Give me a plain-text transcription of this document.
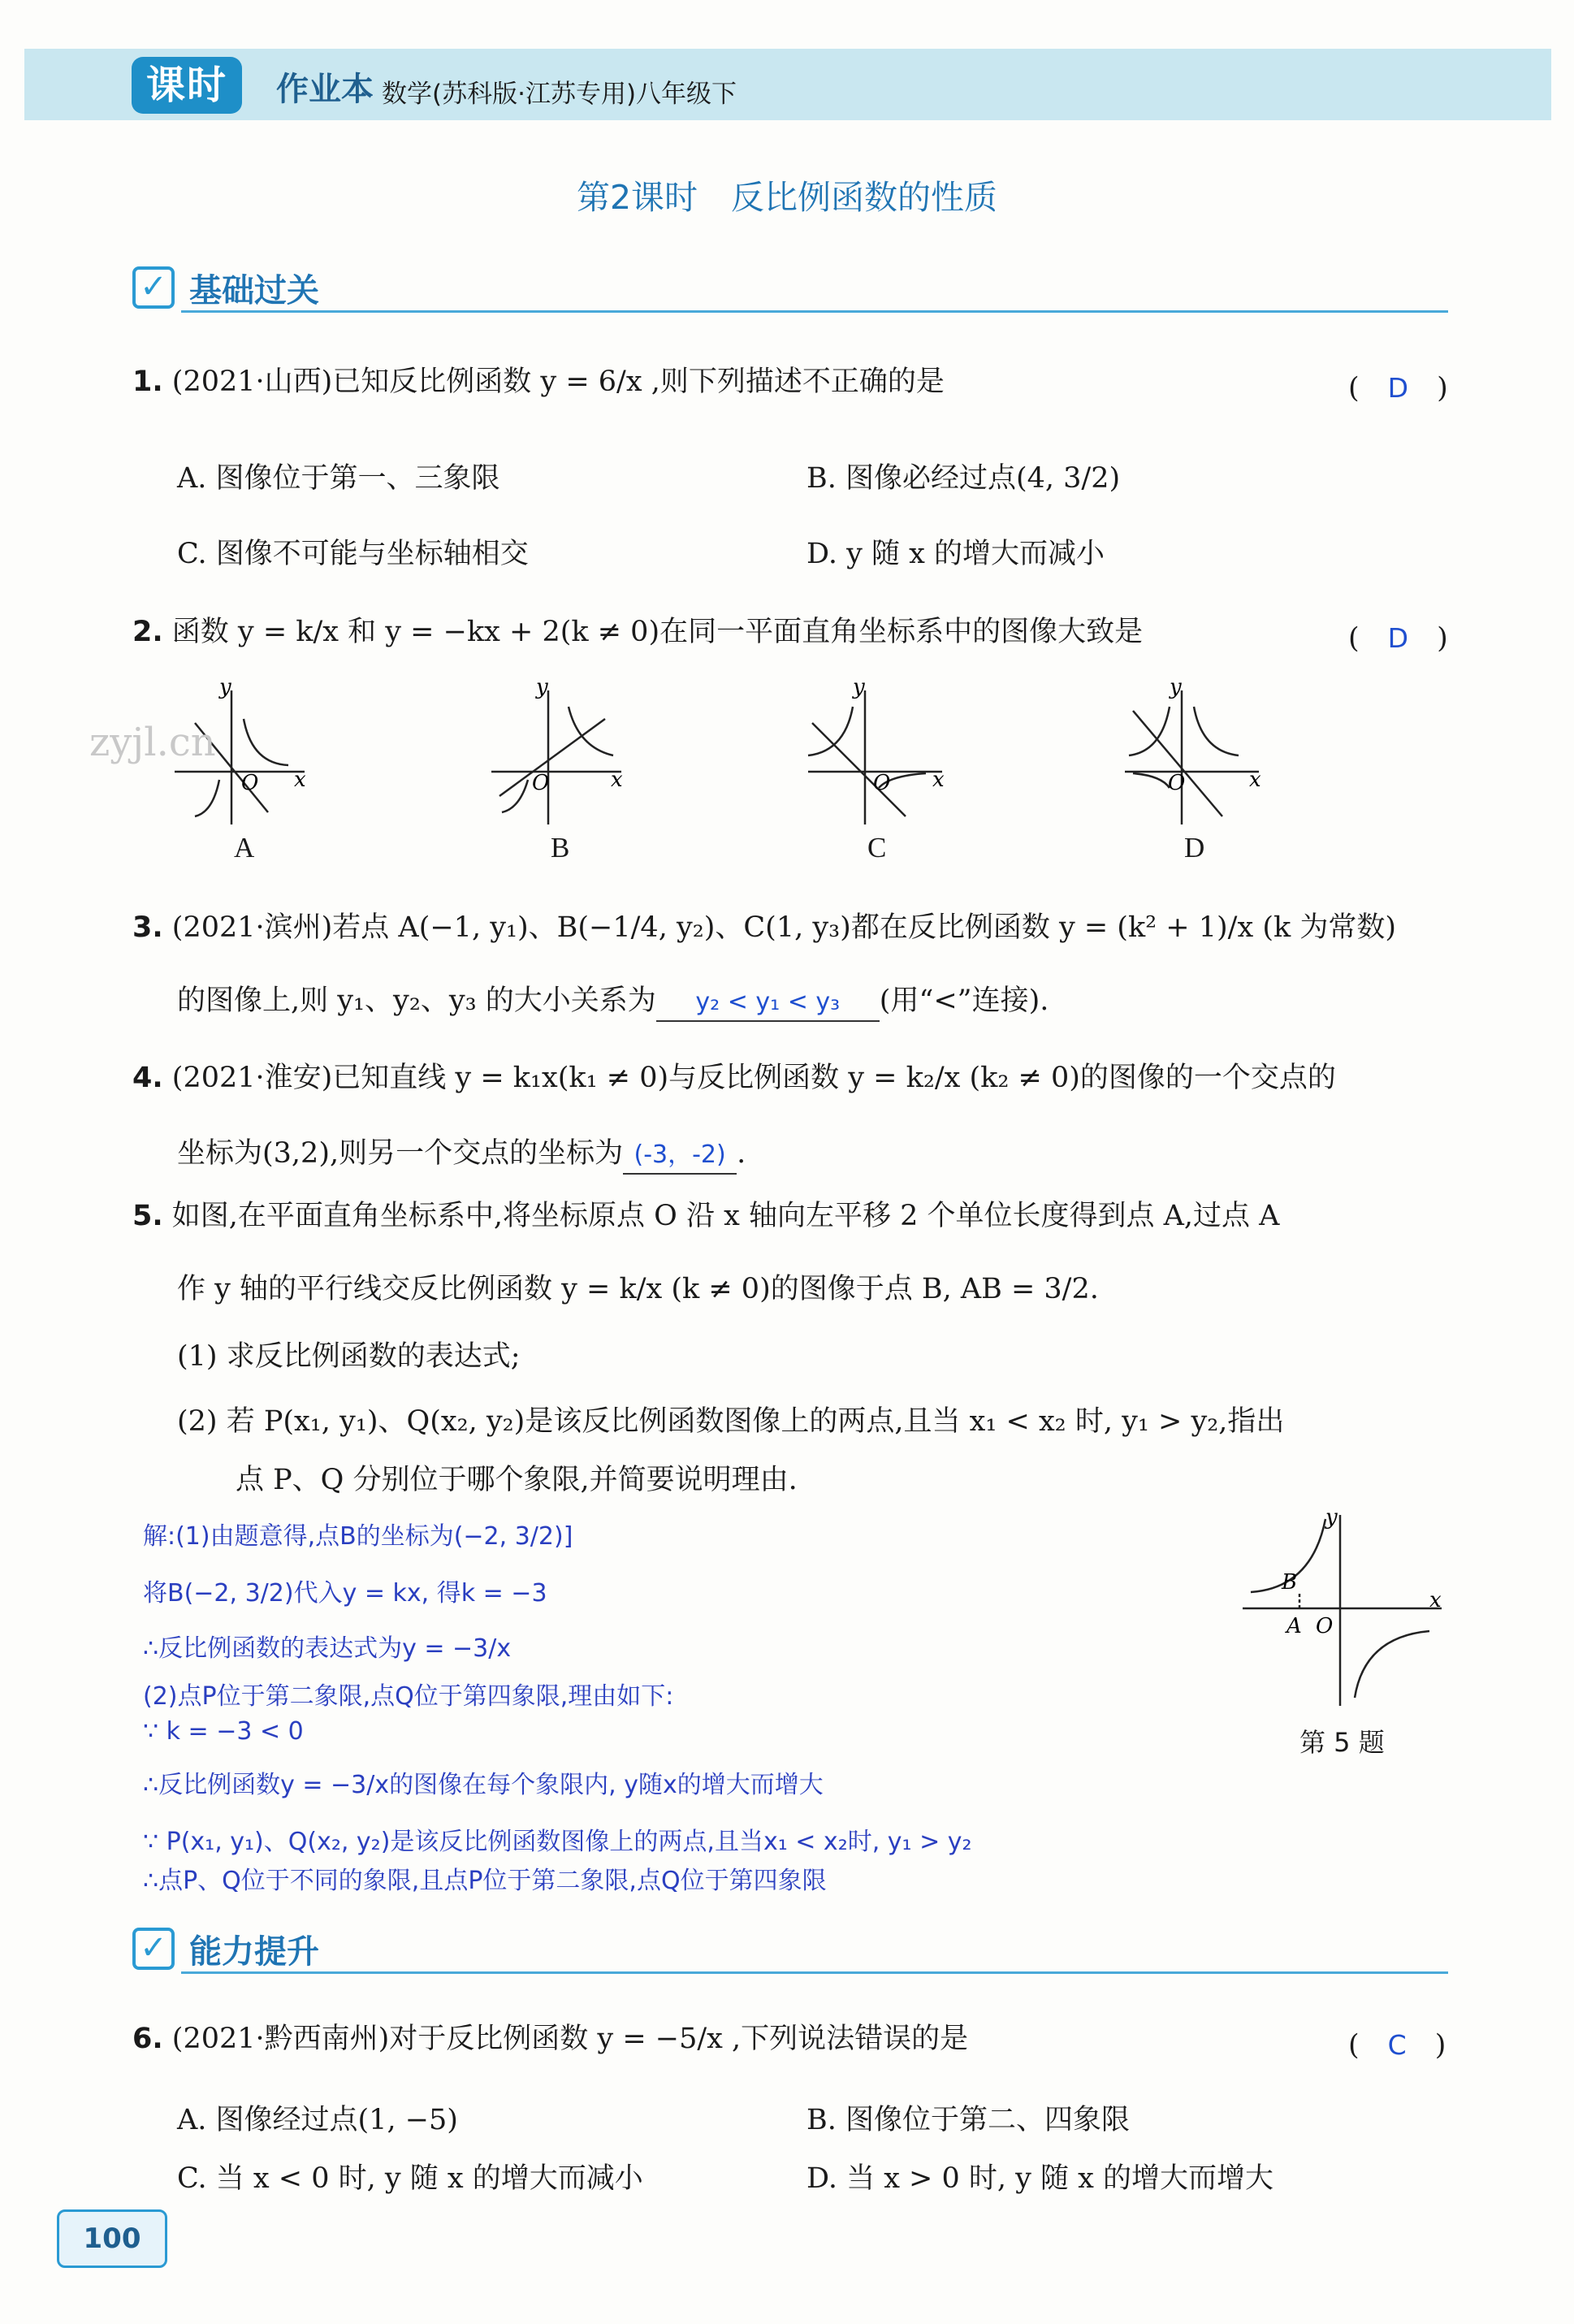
课时	作业本 数学(苏科版·江苏专用)八年级下
第2课时　反比例函数的性质
✓ 基础过关
1. (2021·山西)已知反比例函数 y = 6/x ,则下列描述不正确的是	(　D　)
A. 图像位于第一、三象限	B. 图像必经过点(4, 3/2)
C. 图像不可能与坐标轴相交	D. y 随 x 的增大而减小
2. 函数 y = k/x 和 y = −kx + 2(k ≠ 0)在同一平面直角坐标系中的图像大致是	(　D　)
y
x
O
zyjl.cn
y
x
O
y
x
O
y
x
O
A	B	C	D
3. (2021·滨州)若点 A(−1, y₁)、B(−1/4, y₂)、C(1, y₃)都在反比例函数 y = (k² + 1)/x (k 为常数)
的图像上,则 y₁、y₂、y₃ 的大小关系为 y₂ < y₁ < y₃ (用“<”连接).
4. (2021·淮安)已知直线 y = k₁x(k₁ ≠ 0)与反比例函数 y = k₂/x (k₂ ≠ 0)的图像的一个交点的
坐标为(3,2),则另一个交点的坐标为 (-3，-2) .
5. 如图,在平面直角坐标系中,将坐标原点 O 沿 x 轴向左平移 2 个单位长度得到点 A,过点 A
作 y 轴的平行线交反比例函数 y = k/x (k ≠ 0)的图像于点 B, AB = 3/2.
(1) 求反比例函数的表达式;
(2) 若 P(x₁, y₁)、Q(x₂, y₂)是该反比例函数图像上的两点,且当 x₁ < x₂ 时, y₁ > y₂,指出
点 P、Q 分别位于哪个象限,并简要说明理由.
解:(1)由题意得,点B的坐标为(−2, 3/2)]
将B(−2, 3/2)代入y = kx, 得k = −3
∴反比例函数的表达式为y = −3/x
(2)点P位于第二象限,点Q位于第四象限,理由如下:
∵ k = −3 < 0
∴反比例函数y = −3/x的图像在每个象限内, y随x的增大而增大
∵ P(x₁, y₁)、Q(x₂, y₂)是该反比例函数图像上的两点,且当x₁ < x₂时, y₁ > y₂
∴点P、Q位于不同的象限,且点P位于第二象限,点Q位于第四象限
y
x
B
A O
第 5 题
✓ 能力提升
6. (2021·黔西南州)对于反比例函数 y = −5/x ,下列说法错误的是	(　C　)
A. 图像经过点(1, −5)	B. 图像位于第二、四象限
C. 当 x < 0 时, y 随 x 的增大而减小	D. 当 x > 0 时, y 随 x 的增大而增大
100
